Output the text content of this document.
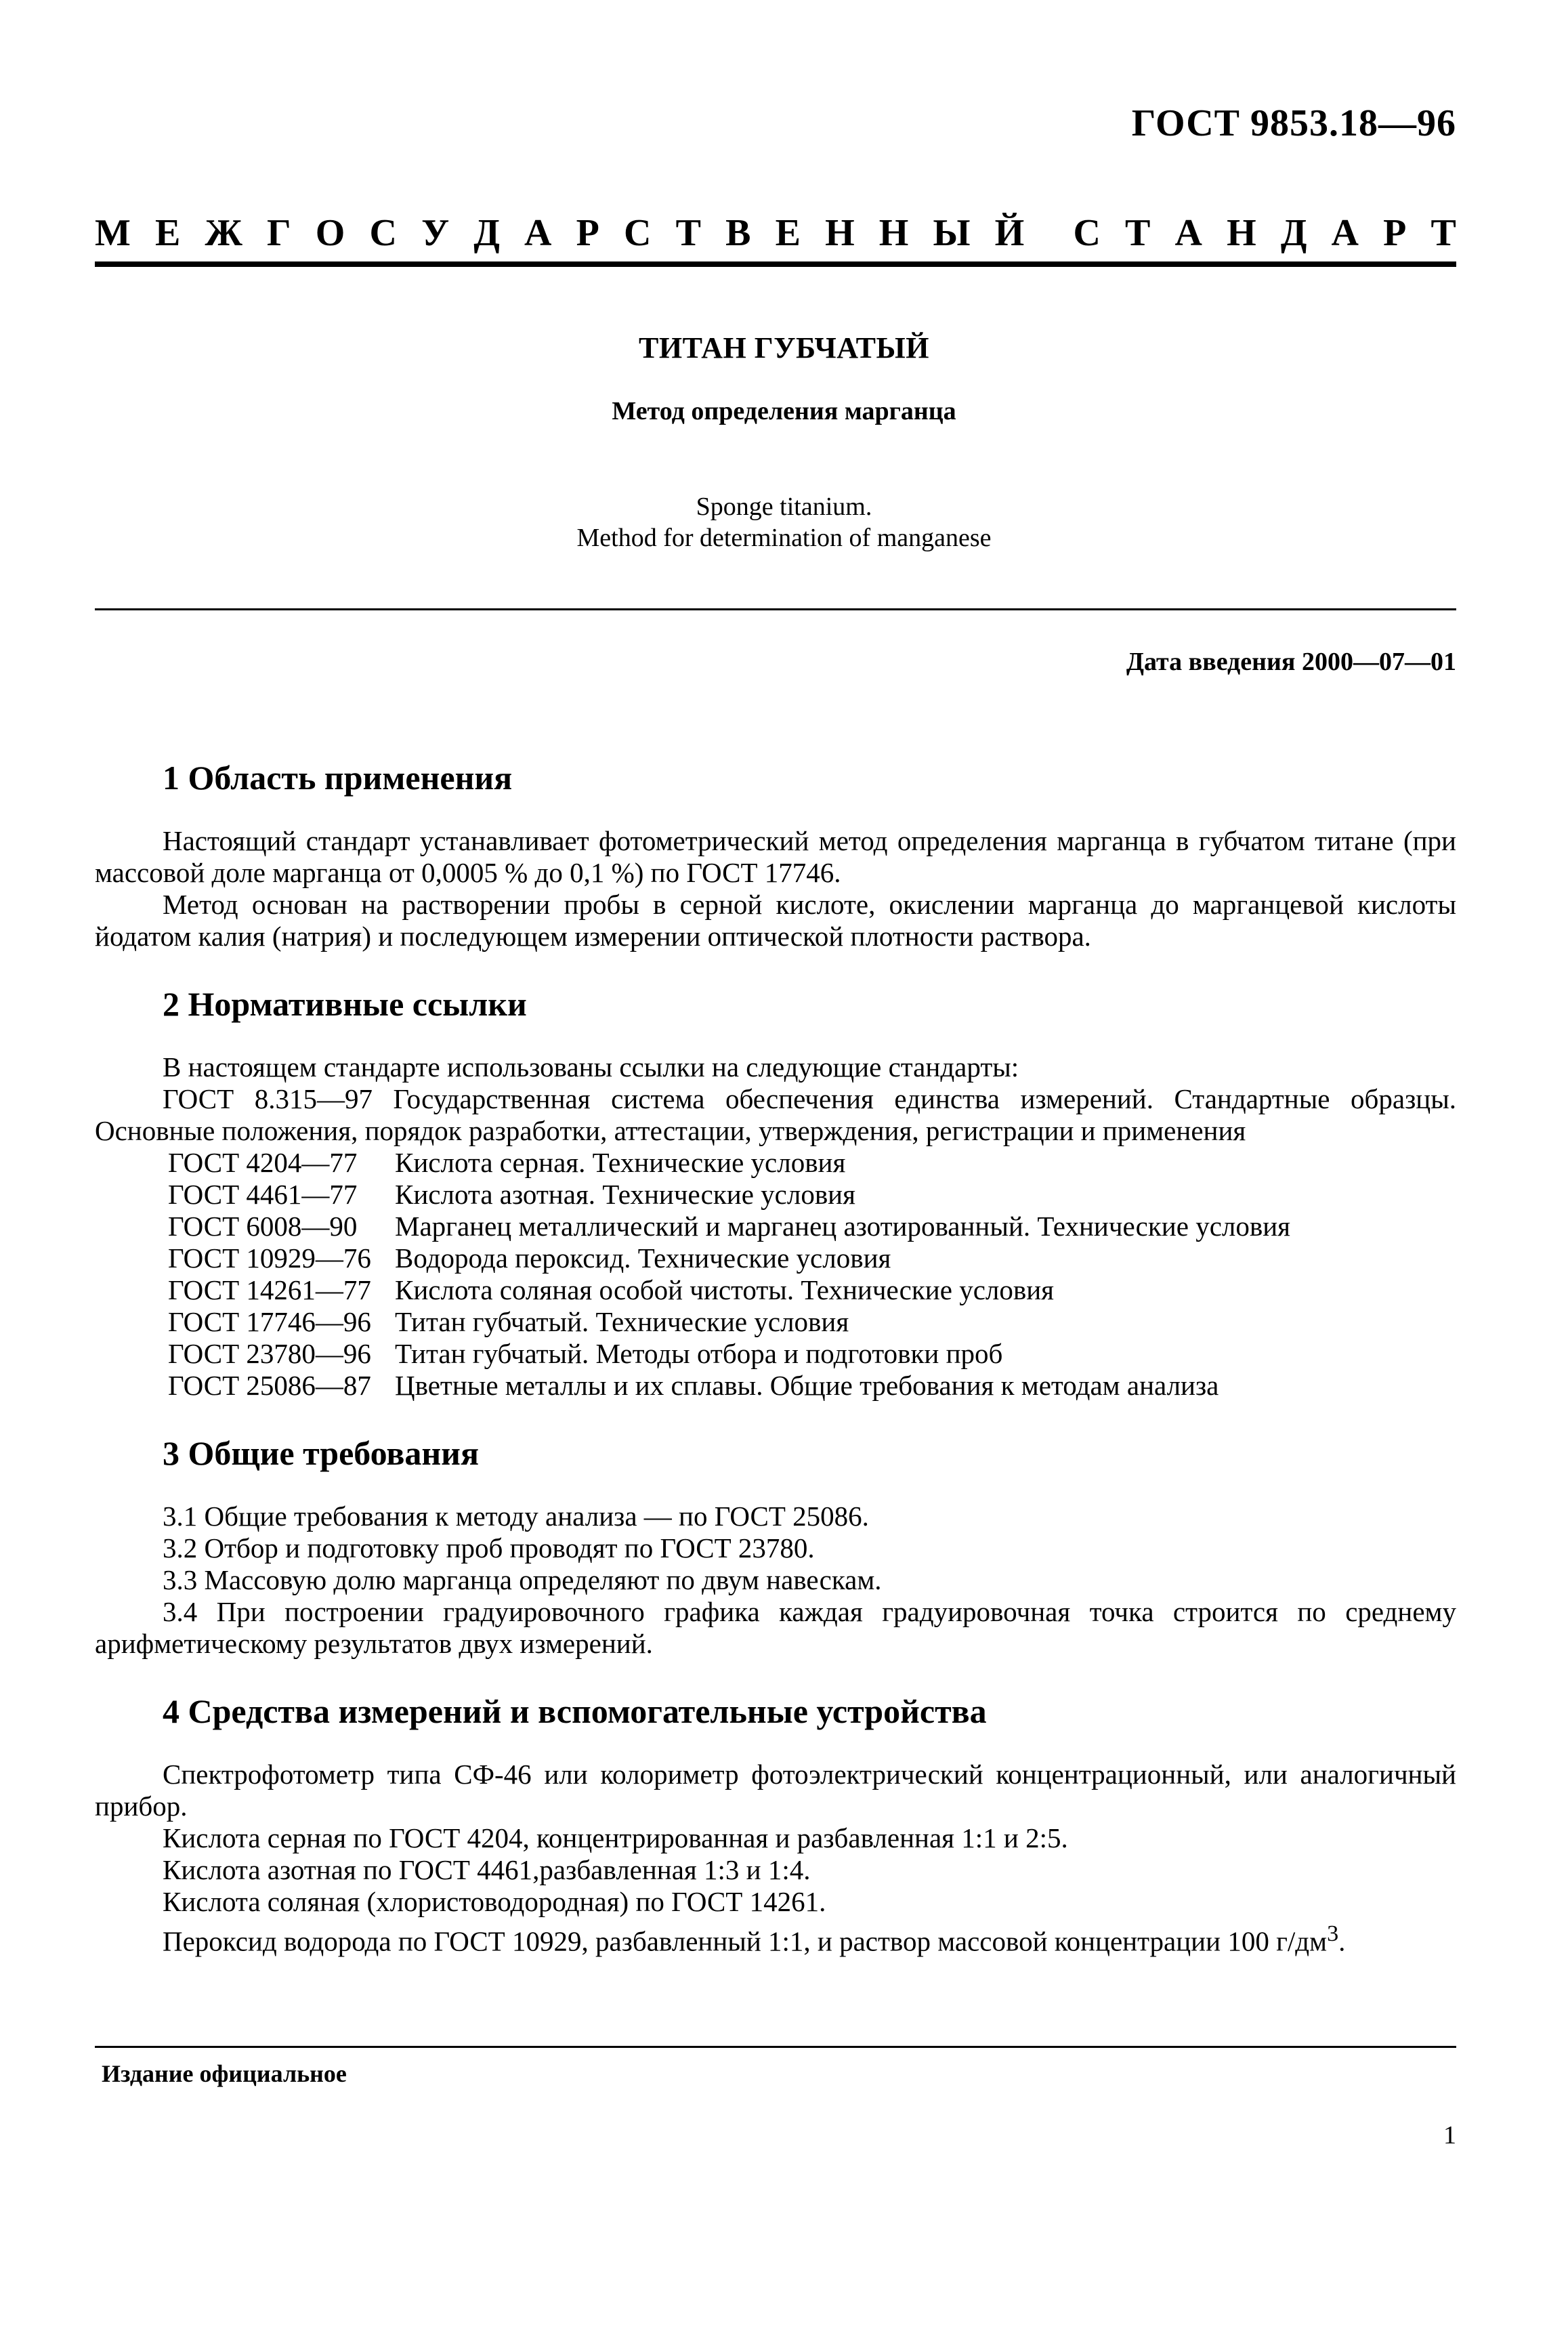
ГОСТ 9853.18—96
М Е Ж Г О С У Д А Р С Т В Е Н Н Ы Й С Т А Н Д А Р Т
ТИТАН ГУБЧАТЫЙ
Метод определения марганца
Sponge titanium.
Method for determination of manganese
Дата введения 2000—07—01
1 Область применения

Настоящий стандарт устанавливает фотометрический метод определения марганца в губчатом титане (при массовой доле марганца от 0,0005 % до 0,1 %) по ГОСТ 17746.

Метод основан на растворении пробы в серной кислоте, окислении марганца до марганцевой кислоты йодатом калия (натрия) и последующем измерении оптической плотности раствора.

2 Нормативные ссылки

В настоящем стандарте использованы ссылки на следующие стандарты:

ГОСТ 8.315—97 Государственная система обеспечения единства измерений. Стандартные образцы. Основные положения, порядок разработки, аттестации, утверждения, регистрации и применения

ГОСТ 4204—77 Кислота серная. Технические условия
ГОСТ 4461—77 Кислота азотная. Технические условия
ГОСТ 6008—90 Марганец металлический и марганец азотированный. Технические условия
ГОСТ 10929—76 Водорода пероксид. Технические условия
ГОСТ 14261—77 Кислота соляная особой чистоты. Технические условия
ГОСТ 17746—96 Титан губчатый. Технические условия
ГОСТ 23780—96 Титан губчатый. Методы отбора и подготовки проб
ГОСТ 25086—87 Цветные металлы и их сплавы. Общие требования к методам анализа
3 Общие требования

3.1 Общие требования к методу анализа — по ГОСТ 25086.

3.2 Отбор и подготовку проб проводят по ГОСТ 23780.

3.3 Массовую долю марганца определяют по двум навескам.

3.4 При построении градуировочного графика каждая градуировочная точка строится по среднему арифметическому результатов двух измерений.

4 Средства измерений и вспомогательные устройства

Спектрофотометр типа СФ-46 или колориметр фотоэлектрический концентрационный, или аналогичный прибор.

Кислота серная по ГОСТ 4204, концентрированная и разбавленная 1:1 и 2:5.

Кислота азотная по ГОСТ 4461,разбавленная 1:3 и 1:4.

Кислота соляная (хлористоводородная) по ГОСТ 14261.

Пероксид водорода по ГОСТ 10929, разбавленный 1:1, и раствор массовой концентрации 100 $г/дм^3$.

Издание официальное
1
